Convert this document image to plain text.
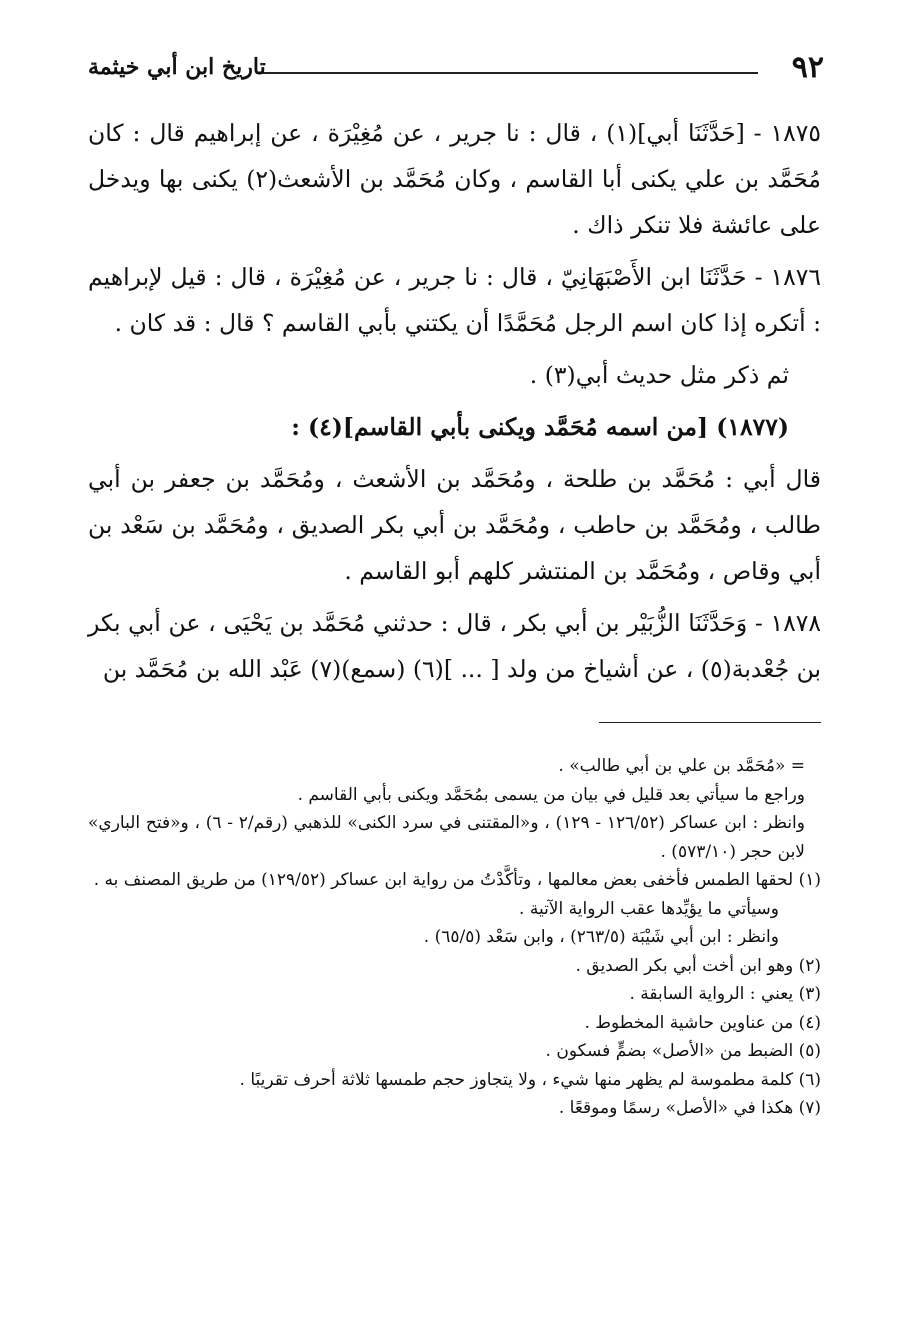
٩٢
تاريخ ابن أبي خيثمة

١٨٧٥ - [حَدَّثَنَا أبي](١) ، قال : نا جرير ، عن مُغِيْرَة ، عن إبراهيم قال : كان مُحَمَّد بن علي يكنى أبا القاسم ، وكان مُحَمَّد بن الأشعث(٢) يكنى بها ويدخل على عائشة فلا تنكر ذاك .

١٨٧٦ - حَدَّثَنَا ابن الأَصْبَهَانِيّ ، قال : نا جرير ، عن مُغِيْرَة ، قال : قيل لإبراهيم : أتكره إذا كان اسم الرجل مُحَمَّدًا أن يكتني بأبي القاسم ؟ قال : قد كان .

ثم ذكر مثل حديث أبي(٣) .

(١٨٧٧) [من اسمه مُحَمَّد ويكنى بأبي القاسم](٤) :

قال أبي : مُحَمَّد بن طلحة ، ومُحَمَّد بن الأشعث ، ومُحَمَّد بن جعفر بن أبي طالب ، ومُحَمَّد بن حاطب ، ومُحَمَّد بن أبي بكر الصديق ، ومُحَمَّد بن سَعْد بن أبي وقاص ، ومُحَمَّد بن المنتشر كلهم أبو القاسم .

١٨٧٨ - وَحَدَّثَنَا الزُّبَيْر بن أبي بكر ، قال : حدثني مُحَمَّد بن يَحْيَى ، عن أبي بكر بن جُعْدبة(٥) ، عن أشياخ من ولد [ ... ](٦) (سمع)(٧) عَبْد الله بن مُحَمَّد بن

= «مُحَمَّد بن علي بن أبي طالب» .

وراجع ما سيأتي بعد قليل في بيان من يسمى بمُحَمَّد ويكنى بأبي القاسم .

وانظر : ابن عساكر (١٢٦/٥٢ - ١٢٩) ، و«المقتنى في سرد الكنى» للذهبي (رقم/٢ - ٦) ، و«فتح الباري» لابن حجر (٥٧٣/١٠) .

(١) لحقها الطمس فأخفى بعض معالمها ، وتأكَّدْتُ من رواية ابن عساكر (١٢٩/٥٢) من طريق المصنف به .

وسيأتي ما يؤيِّدها عقب الرواية الآتية .

وانظر : ابن أبي شَيْبَة (٢٦٣/٥) ، وابن سَعْد (٦٥/٥) .

(٢) وهو ابن أخت أبي بكر الصديق .

(٣) يعني : الرواية السابقة .

(٤) من عناوين حاشية المخطوط .

(٥) الضبط من «الأصل» بضمٍّ فسكون .

(٦) كلمة مطموسة لم يظهر منها شيء ، ولا يتجاوز حجم طمسها ثلاثة أحرف تقريبًا .

(٧) هكذا في «الأصل» رسمًا وموقعًا .
